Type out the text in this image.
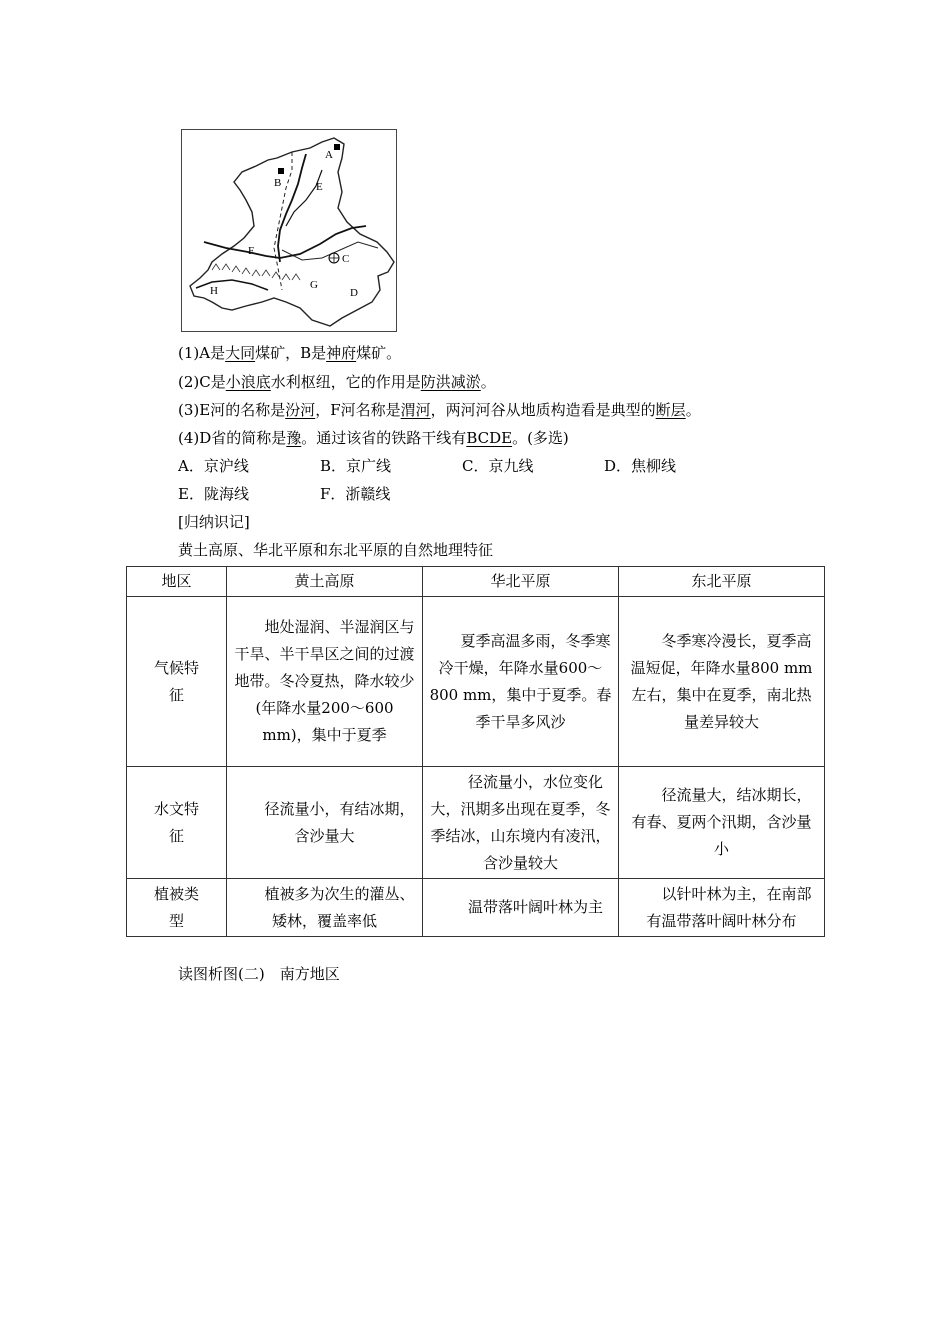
A
B	E
F
C
G
D
H
(1)A是大同煤矿，B是神府煤矿。
(2)C是小浪底水利枢纽，它的作用是防洪减淤。
(3)E河的名称是汾河，F河名称是渭河，两河河谷从地质构造看是典型的断层。
(4)D省的简称是豫。通过该省的铁路干线有BCDE。(多选)
A．京沪线	B．京广线	C．京九线	D．焦柳线
E．陇海线	F．浙赣线
[归纳识记]
黄土高原、华北平原和东北平原的自然地理特征
地区	黄土高原	华北平原	东北平原
气候特征	地处湿润、半湿润区与干旱、半干旱区之间的过渡地带。冬冷夏热，降水较少(年降水量200～600 mm)，集中于夏季	夏季高温多雨，冬季寒冷干燥，年降水量600～800 mm，集中于夏季。春季干旱多风沙	冬季寒冷漫长，夏季高温短促，年降水量800 mm左右，集中在夏季，南北热量差异较大
水文特征	径流量小，有结冰期，含沙量大	径流量小，水位变化大，汛期多出现在夏季，冬季结冰，山东境内有凌汛，含沙量较大	径流量大，结冰期长，有春、夏两个汛期，含沙量小
植被类型	植被多为次生的灌丛、矮林，覆盖率低	温带落叶阔叶林为主	以针叶林为主，在南部有温带落叶阔叶林分布
读图析图(二)　南方地区
